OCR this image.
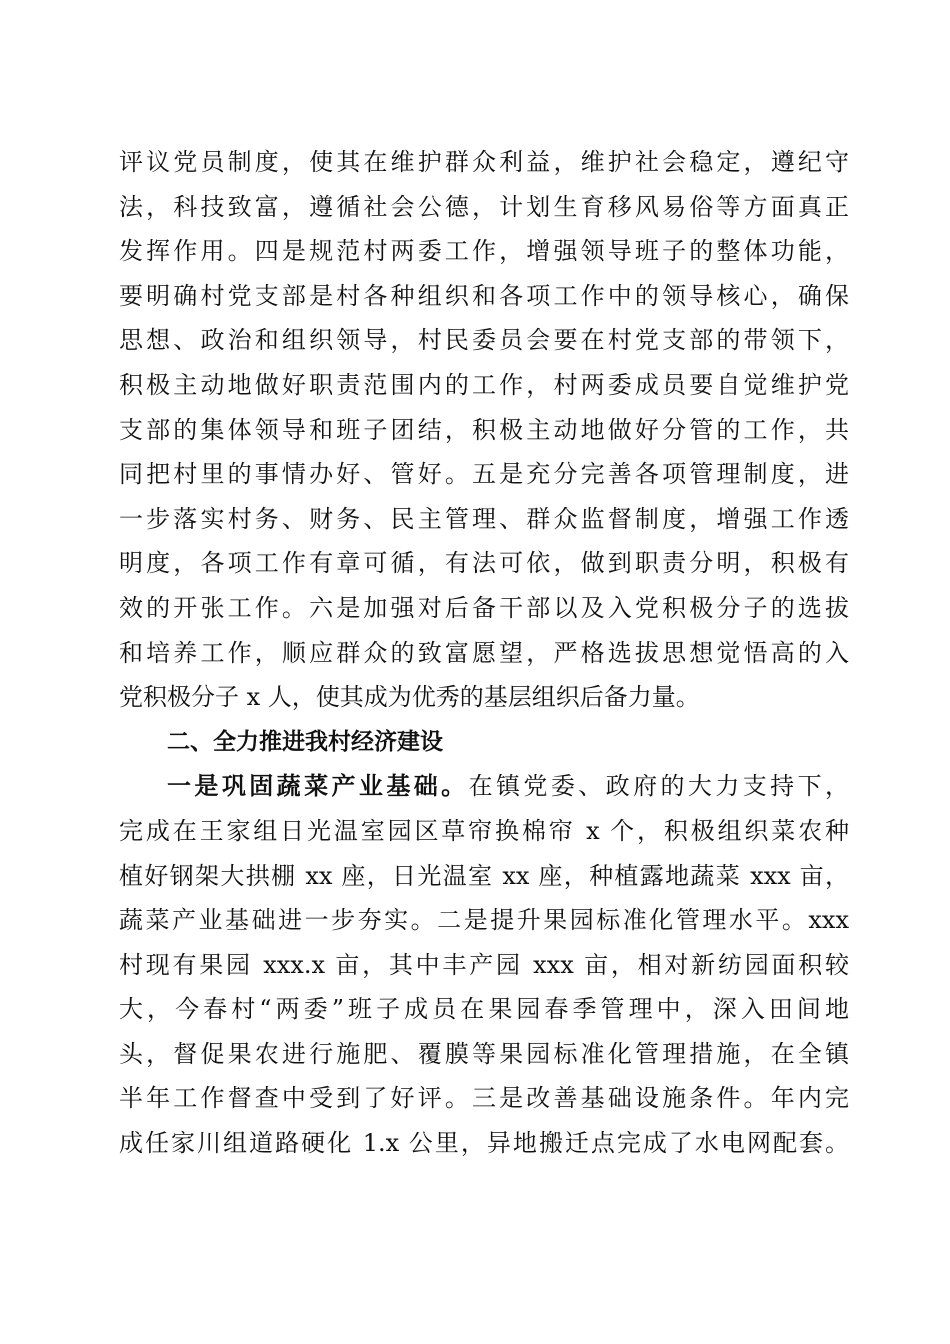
评议党员制度，使其在维护群众利益，维护社会稳定，遵纪守
法，科技致富，遵循社会公德，计划生育移风易俗等方面真正
发挥作用。四是规范村两委工作，增强领导班子的整体功能，
要明确村党支部是村各种组织和各项工作中的领导核心，确保
思想、政治和组织领导，村民委员会要在村党支部的带领下，
积极主动地做好职责范围内的工作，村两委成员要自觉维护党
支部的集体领导和班子团结，积极主动地做好分管的工作，共
同把村里的事情办好、管好。五是充分完善各项管理制度，进
一步落实村务、财务、民主管理、群众监督制度，增强工作透
明度，各项工作有章可循，有法可依，做到职责分明，积极有
效的开张工作。六是加强对后备干部以及入党积极分子的选拔
和培养工作，顺应群众的致富愿望，严格选拔思想觉悟高的入
党积极分子 x 人，使其成为优秀的基层组织后备力量。
二、全力推进我村经济建设
一是巩固蔬菜产业基础。在镇党委、政府的大力支持下，
完成在王家组日光温室园区草帘换棉帘 x 个，积极组织菜农种
植好钢架大拱棚 xx 座，日光温室 xx 座，种植露地蔬菜 xxx 亩，
蔬菜产业基础进一步夯实。二是提升果园标准化管理水平。xxx
村现有果园 xxx.x 亩，其中丰产园 xxx 亩，相对新纺园面积较
大，今春村“两委”班子成员在果园春季管理中，深入田间地
头，督促果农进行施肥、覆膜等果园标准化管理措施，在全镇
半年工作督查中受到了好评。三是改善基础设施条件。年内完
成任家川组道路硬化 1.x 公里，异地搬迁点完成了水电网配套。
